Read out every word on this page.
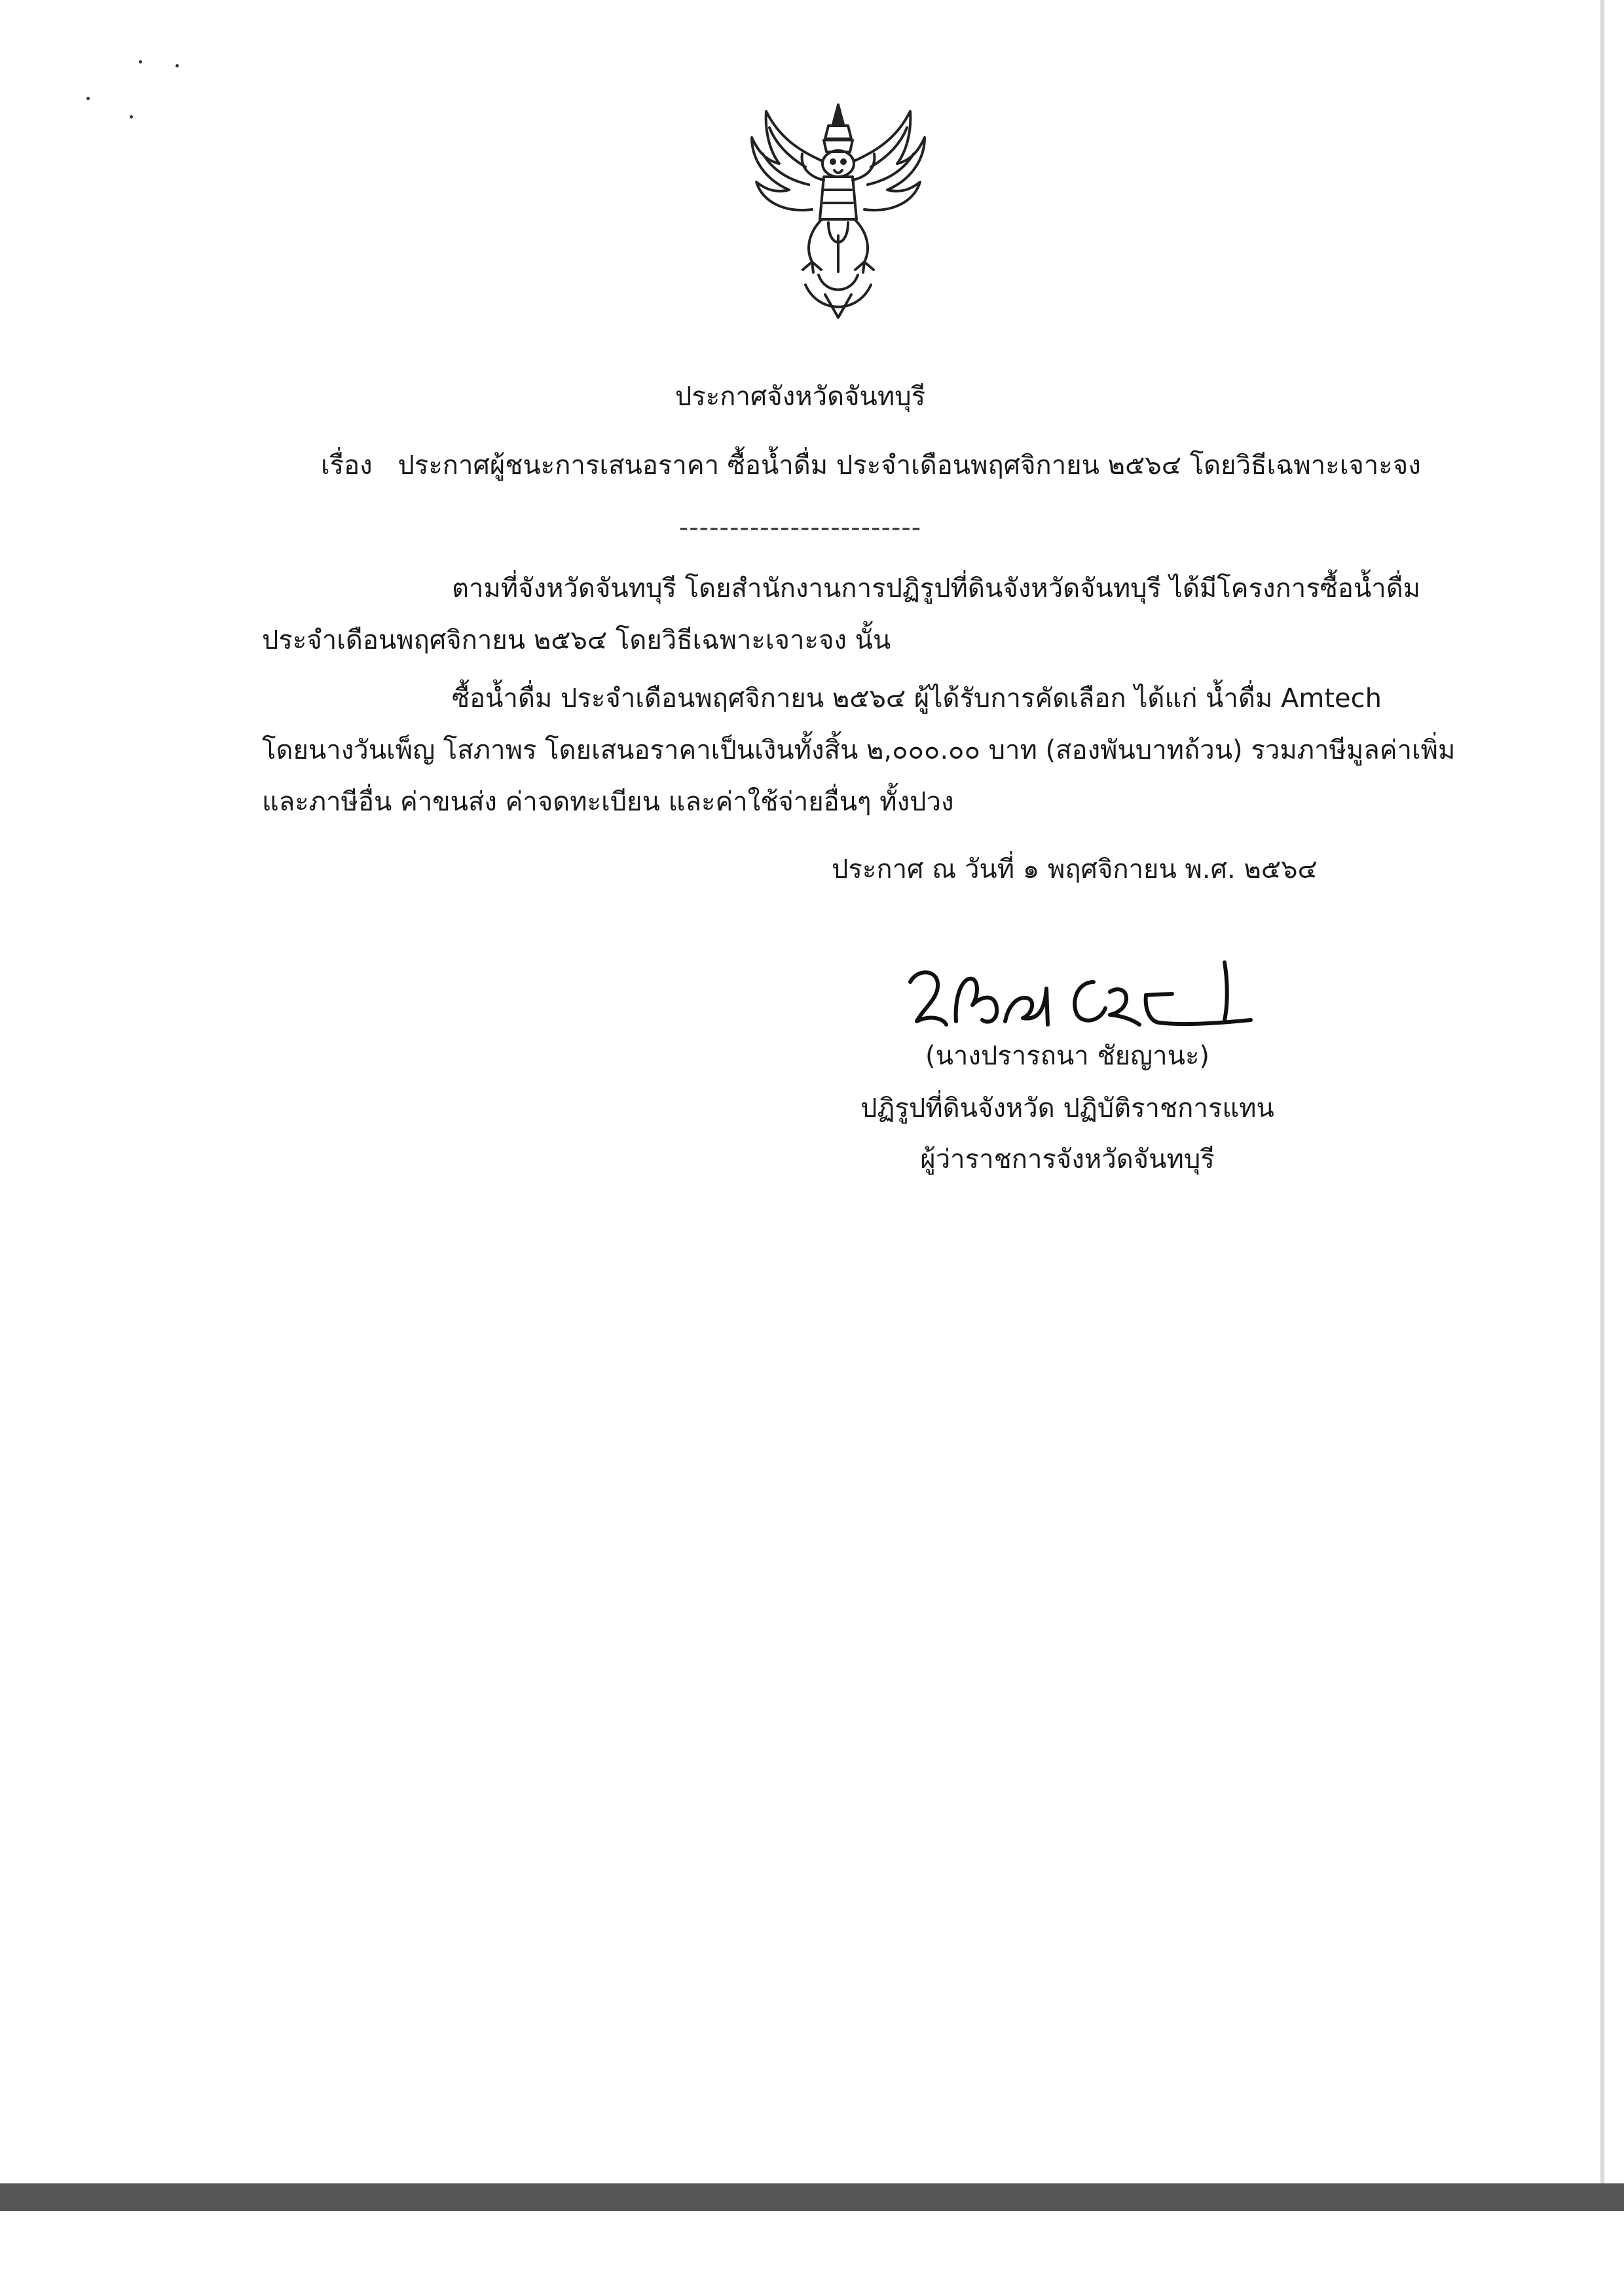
ประกาศจังหวัดจันทบุรี
เรื่อง ประกาศผู้ชนะการเสนอราคา ซื้อน้ำดื่ม ประจำเดือนพฤศจิกายน ๒๕๖๔ โดยวิธีเฉพาะเจาะจง
------------------------
ตามที่จังหวัดจันทบุรี โดยสำนักงานการปฏิรูปที่ดินจังหวัดจันทบุรี ได้มีโครงการซื้อน้ำดื่ม
ประจำเดือนพฤศจิกายน ๒๕๖๔ โดยวิธีเฉพาะเจาะจง นั้น
ซื้อน้ำดื่ม ประจำเดือนพฤศจิกายน ๒๕๖๔ ผู้ได้รับการคัดเลือก ได้แก่ น้ำดื่ม Amtech
โดยนางวันเพ็ญ โสภาพร โดยเสนอราคาเป็นเงินทั้งสิ้น ๒,๐๐๐.๐๐ บาท (สองพันบาทถ้วน) รวมภาษีมูลค่าเพิ่ม
และภาษีอื่น ค่าขนส่ง ค่าจดทะเบียน และค่าใช้จ่ายอื่นๆ ทั้งปวง
ประกาศ ณ วันที่ ๑ พฤศจิกายน พ.ศ. ๒๕๖๔
(นางปรารถนา ชัยญานะ)
ปฏิรูปที่ดินจังหวัด ปฏิบัติราชการแทน
ผู้ว่าราชการจังหวัดจันทบุรี
